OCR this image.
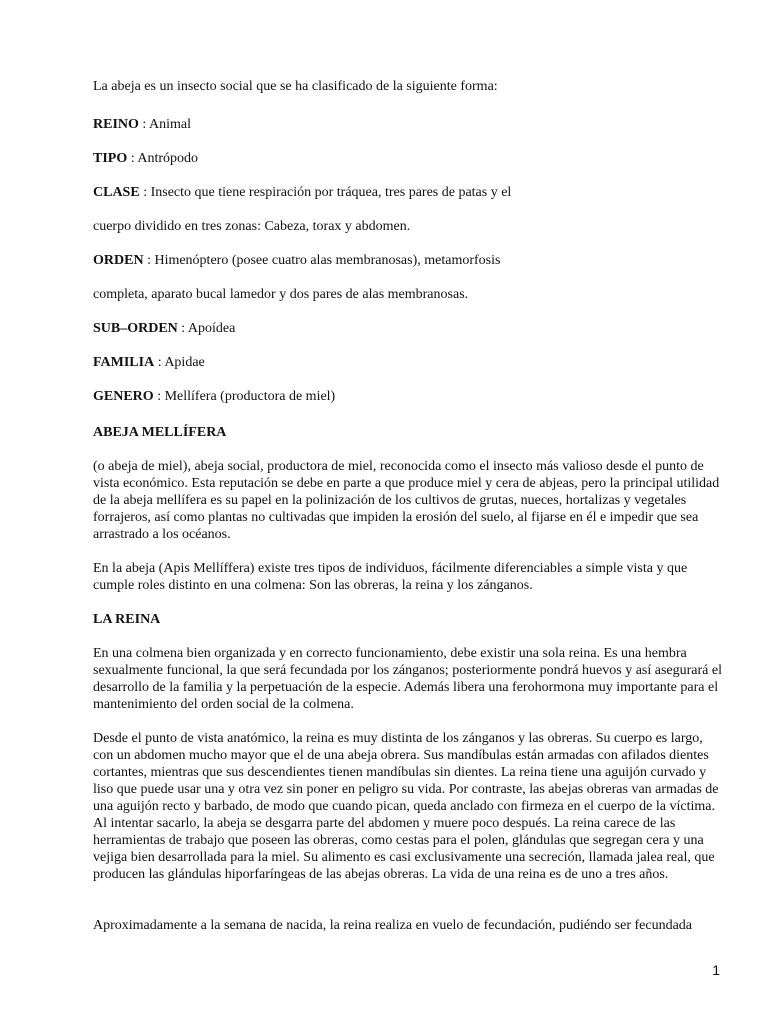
La abeja es un insecto social que se ha clasificado de la siguiente forma:

REINO : Animal

TIPO : Antrópodo

CLASE : Insecto que tiene respiración por tráquea, tres pares de patas y el

cuerpo dividido en tres zonas: Cabeza, torax y abdomen.

ORDEN : Himenóptero (posee cuatro alas membranosas), metamorfosis

completa, aparato bucal lamedor y dos pares de alas membranosas.

SUB–ORDEN : Apoídea

FAMILIA : Apidae

GENERO : Mellífera (productora de miel)

ABEJA MELLÍFERA

(o abeja de miel), abeja social, productora de miel, reconocida como el insecto más valioso desde el punto de vista económico. Esta reputación se debe en parte a que produce miel y cera de abjeas, pero la principal utilidad de la abeja mellífera es su papel en la polinización de los cultivos de grutas, nueces, hortalizas y vegetales forrajeros, así como plantas no cultivadas que impiden la erosión del suelo, al fijarse en él e impedir que sea arrastrado a los océanos.

En la abeja (Apis Mellíffera) existe tres tipos de individuos, fácilmente diferenciables a simple vista y que cumple roles distinto en una colmena: Son las obreras, la reina y los zánganos.

LA REINA

En una colmena bien organizada y en correcto funcionamiento, debe existir una sola reina. Es una hembra sexualmente funcional, la que será fecundada por los zánganos; posteriormente pondrá huevos y así asegurará el desarrollo de la familia y la perpetuación de la especie. Además libera una ferohormona muy importante para el mantenimiento del orden social de la colmena.

Desde el punto de vista anatómico, la reina es muy distinta de los zánganos y las obreras. Su cuerpo es largo, con un abdomen mucho mayor que el de una abeja obrera. Sus mandíbulas están armadas con afilados dientes cortantes, mientras que sus descendientes tienen mandíbulas sin dientes. La reina tiene una aguijón curvado y liso que puede usar una y otra vez sin poner en peligro su vida. Por contraste, las abejas obreras van armadas de una aguijón recto y barbado, de modo que cuando pican, queda anclado con firmeza en el cuerpo de la víctima. Al intentar sacarlo, la abeja se desgarra parte del abdomen y muere poco después. La reina carece de las herramientas de trabajo que poseen las obreras, como cestas para el polen, glándulas que segregan cera y una vejiga bien desarrollada para la miel. Su alimento es casi exclusivamente una secreción, llamada jalea real, que producen las glándulas hiporfaríngeas de las abejas obreras. La vida de una reina es de uno a tres años.

Aproximadamente a la semana de nacida, la reina realiza en vuelo de fecundación, pudiéndo ser fecundada

1
